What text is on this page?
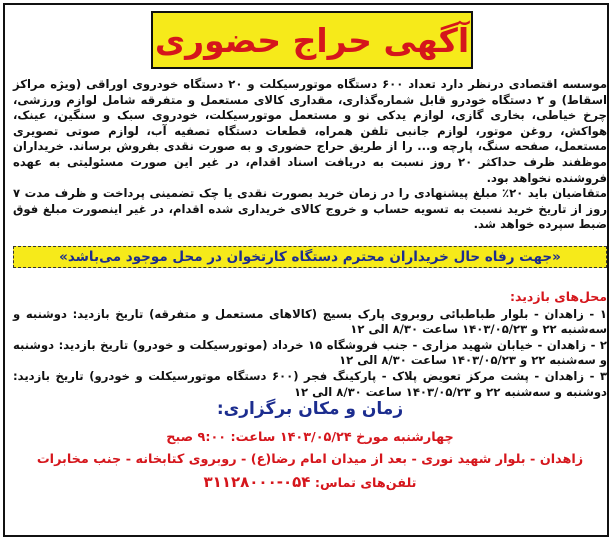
آگهی حراج حضوری

موسسه اقتصادی درنظر دارد تعداد ۶۰۰ دستگاه موتورسیکلت و ۲۰ دستگاه خودروی اوراقی (ویژه مراکز اسقاط) و ۲ دستگاه خودرو قابل شماره‌گذاری، مقداری کالای مستعمل و متفرقه شامل لوازم ورزشی، چرخ خیاطی، بخاری گازی، لوازم یدکی نو و مستعمل موتورسیکلت، خودروی سبک و سنگین، عینک، هواکش، روغن موتور، لوازم جانبی تلفن همراه، قطعات دستگاه تصفیه آب، لوازم صوتی تصویری مستعمل، صفحه سنگ، پارچه و... را از طریق حراج حضوری و به صورت نقدی بفروش برساند. خریداران موظفند ظرف حداکثر ۲۰ روز نسبت به دریافت اسناد اقدام، در غیر این صورت مسئولیتی به عهده فروشنده نخواهد بود.

متقاضیان باید ۲۰٪ مبلغ پیشنهادی را در زمان خرید بصورت نقدی یا چک تضمینی پرداخت و ظرف مدت ۷ روز از تاریخ خرید نسبت به تسویه حساب و خروج کالای خریداری شده اقدام، در غیر اینصورت مبلغ فوق ضبط سپرده خواهد شد.

«جهت رفاه حال خریداران محترم دستگاه کارتخوان در محل موجود می‌باشد»

محل‌های بازدید:

۱ - زاهدان - بلوار طباطبائی روبروی پارک بسیج (کالاهای مستعمل و متفرقه) تاریخ بازدید: دوشنبه و سه‌شنبه ۲۲ و ۱۴۰۳/۰۵/۲۳ ساعت ۸/۳۰ الی ۱۲

۲ - زاهدان - خیابان شهید مزاری - جنب فروشگاه ۱۵ خرداد (موتورسیکلت و خودرو) تاریخ بازدید: دوشنبه و سه‌شنبه ۲۲ و ۱۴۰۳/۰۵/۲۳ ساعت ۸/۳۰ الی ۱۲

۳ - زاهدان - پشت مرکز تعویض پلاک - پارکینگ فجر (۶۰۰ دستگاه موتورسیکلت و خودرو) تاریخ بازدید: دوشنبه و سه‌شنبه ۲۲ و ۱۴۰۳/۰۵/۲۳ ساعت ۸/۳۰ الی ۱۲

زمان و مکان برگزاری:

چهارشنبه مورخ ۱۴۰۳/۰۵/۲۴ ساعت: ۹:۰۰ صبح

زاهدان - بلوار شهید نوری - بعد از میدان امام رضا(ع) - روبروی کتابخانه - جنب مخابرات

تلفن‌های تماس: ۰۵۴-۳۱۱۲۸۰۰۰
